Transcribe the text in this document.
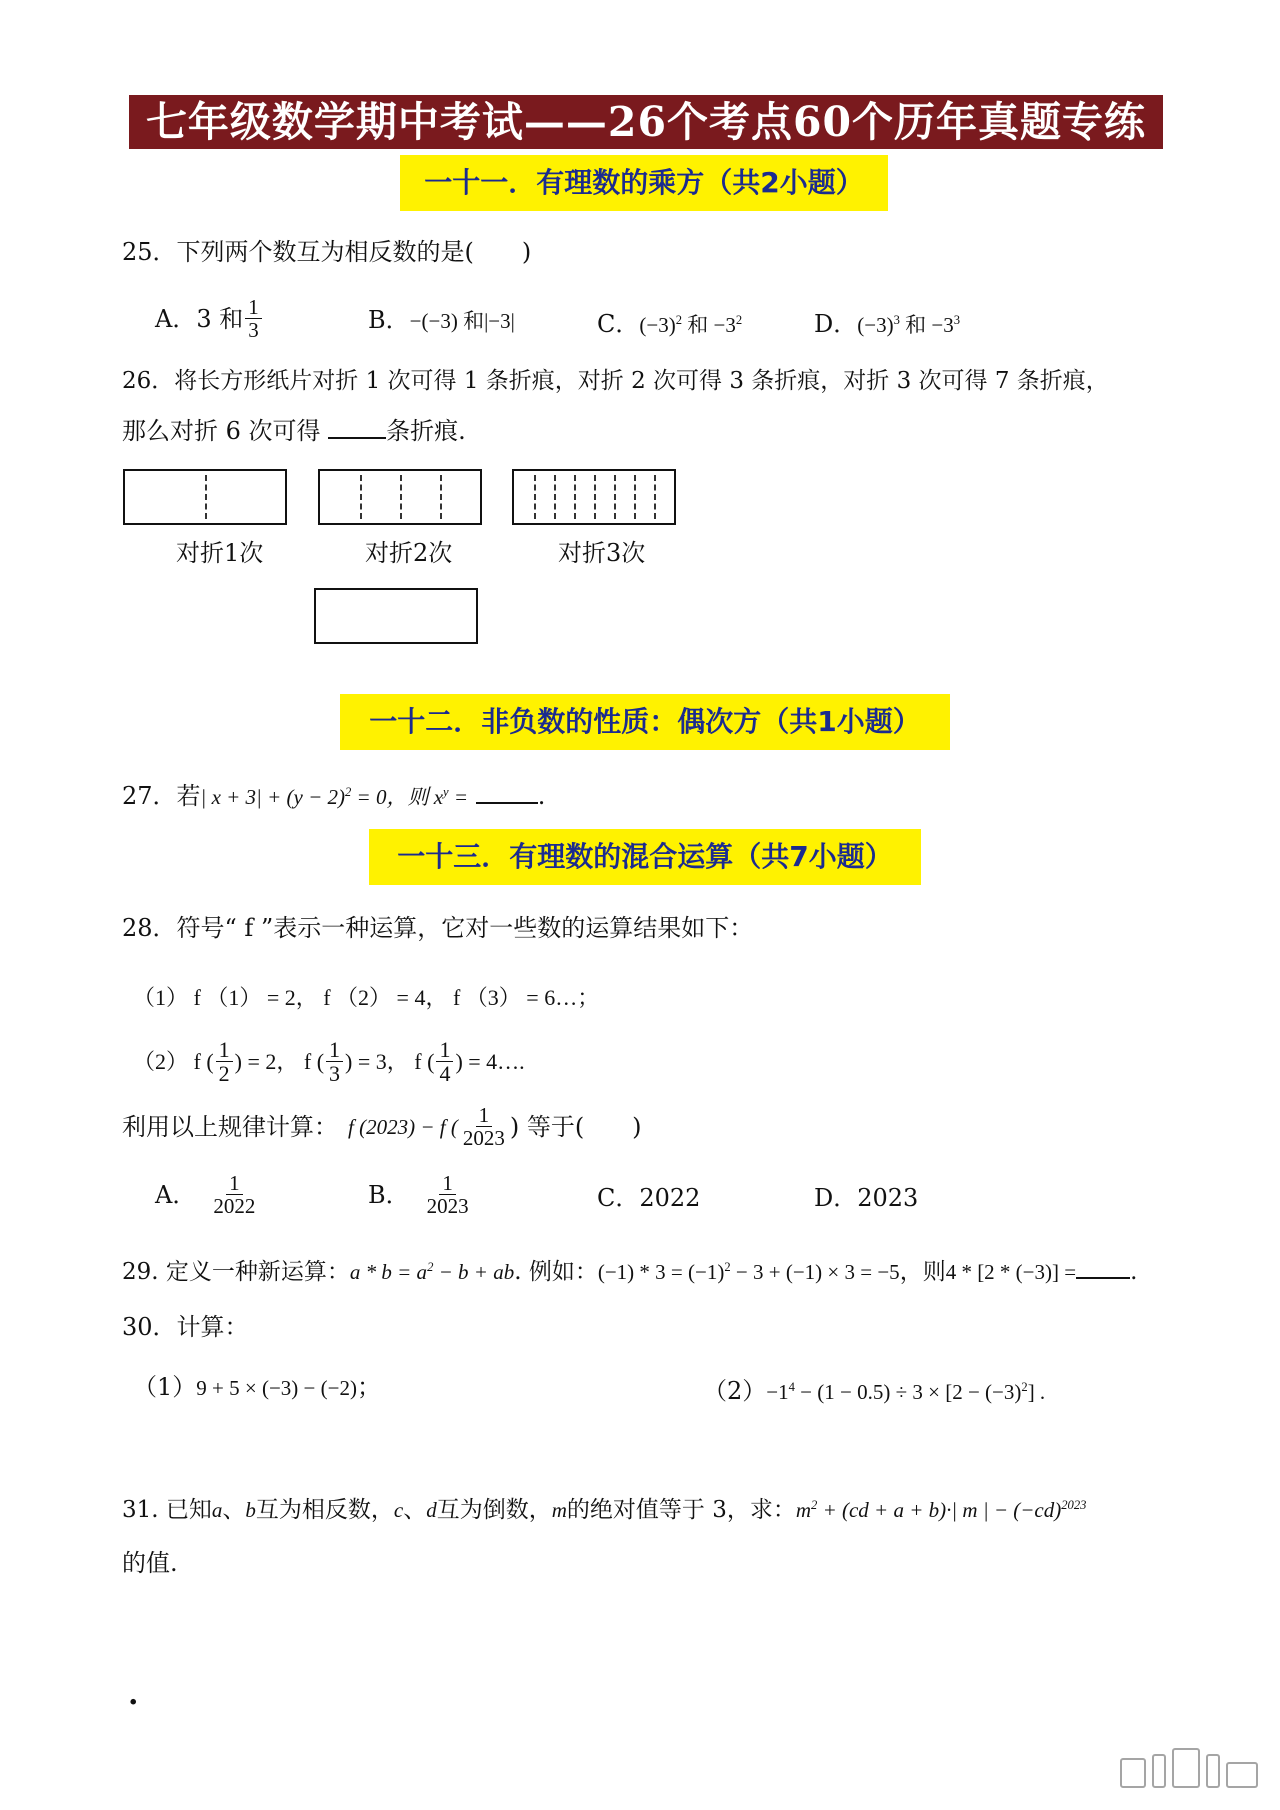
七年级数学期中考试——26个考点60个历年真题专练
一十一．有理数的乘方（共2小题）
25．下列两个数互为相反数的是(　　)
A．3 和 $\frac{1}{3}$	B．−(−3) 和|−3|	C．$(-3)^2$ 和 $-3^2$	D．$(-3)^3$ 和 $-3^3$
26．将长方形纸片对折 1 次可得 1 条折痕，对折 2 次可得 3 条折痕，对折 3 次可得 7 条折痕，
那么对折 6 次可得	条折痕.
对折1次	对折2次	对折3次
一十二．非负数的性质：偶次方（共1小题）
27．若| $x + 3| + (y - 2)^2 = 0$，则 $x^y$ =	.
一十三．有理数的混合运算（共7小题）
28．符号“ f ”表示一种运算，它对一些数的运算结果如下：
（1） f （1） = 2， f （2） = 4， f （3） = 6…；
（2） f ( $\frac{1}{2}$ ) = 2， f ( $\frac{1}{3}$ ) = 3， f ( $\frac{1}{4}$ ) = 4….
利用以上规律计算： f (2023) − f ( $\frac{1}{2023}$ ) 等于(　　)
A． $\frac{1}{2022}$	B． $\frac{1}{2023}$	C．2022	D．2023
29. 定义一种新运算：$a * b = a^2 - b$ + ab. 例如：$(-1) * 3 = (-1)^2 - 3 + (-1) \times 3 = -5$，则4 * [2 * (−3)] = .
30．计算：
（1）9 + 5 × (−3) − (−2)；	$(2)-1^4 - (1 - 0.5) \div 3 \times [2 - (-3)^2]$ .
31. 已知a、b互为相反数，c、d互为倒数，m的绝对值等于 3，求：$m^2 + (cd + a + b)\cdot|$ m | − $(-cd)^{2023}$
的值.
.
